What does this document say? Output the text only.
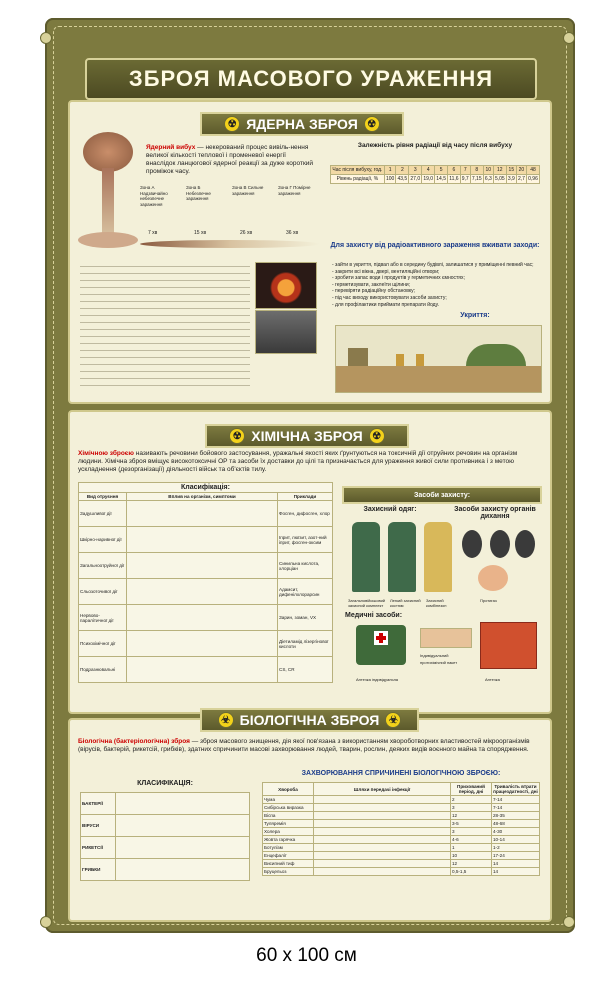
ЗБРОЯ МАСОВОГО УРАЖЕННЯ
☢ ЯДЕРНА ЗБРОЯ ☢
Ядерний вибух — некерований процес вивіль-нення великої кількості теплової і променевої енергії внаслідок ланцюгової ядерної реакції за дуже короткий проміжок часу.
Зона А Надзвичайно небезпечне зараження
Зона Б Небезпечне зараження
Зона В Сильне зараження
Зона Г Помірне зараження
7 хв	15 хв	26 хв	36 хв
Залежність рівня радіації від часу після вибуху
Час після вибуху, год.	1	2	3	4	5	6	7	8	10	12	15	20	48
Рівень радіації, %	100	43,5	27,0	19,0	14,5	11,6	9,7	7,15	6,3	5,05	3,9	2,7	0,96
Для захисту від радіоактивного зараження вживати заходи:
- зайти в укриття, підвал або в середину будівлі, залишатися у приміщенні певний час;
- закрити всі вікна, двері, вентиляційні отвори;
- зробити запас води і продуктів у герметичних ємностях;
- герметизувати, заклеїти щілини;
- перевіряти радіаційну обстановку;
- під час виходу використовувати засоби захисту;
- для профілактики приймати препарати йоду.
Укриття:
☢ ХІМІЧНА ЗБРОЯ ☢
Хімічною зброєю називають речовини бойового застосування, уражальні якості яких ґрунтуються на токсичній дії отруйних речовин на організм людини. Хімічна зброя вміщує високотоксичні ОР та засоби їх доставки до цілі та призначається для ураження живої сили противника і з метою ускладнення (дезорганізації) діяльності військ та об'єктів тилу.
Класифікація:		
Вид отруєння	Вплив на організм, симптоми	Приклади
Задушливої дії		Фосген, дифосген, хлор
Шкірно-наривної дії		Іприт, люїзит, азот-ний іприт, фосген-оксим
Загальноотруйної дії		Синильна кислота, хлорціан
Сльозоточивої дії		Адамсит, дифенілхлорарсин
Нервово-паралітичної дії		Зарин, зоман, VX
Психохімічної дії		Діетиламід лізергінової кислоти
Подразнювальні		CS, CR
Засоби захисту:
Захисний одяг:	Засоби захисту органів дихання
Загальновійськовий захисний комплект
Легкий захисний костюм
Захисний комбінезон
Протигаз
Медичні засоби:
Аптечка індивідуальна
Індивідуальний протихімічний пакет
Аптечка
☣ БІОЛОГІЧНА ЗБРОЯ ☣
Біологічна (бактеріологічна) зброя — зброя масового знищення, дія якої пов'язана з використанням хвороботворних властивостей мікроорганізмів (вірусів, бактерій, рикетсій, грибків), здатних спричинити масові захворювання людей, тварин, рослин, деяких видів воєнного майна та спорядження.
КЛАСИФІКАЦІЯ:
БАКТЕРІЇ	
ВІРУСИ	
РИКЕТСІЇ	
ГРИБКИ	
ЗАХВОРЮВАННЯ СПРИЧИНЕНІ БІОЛОГІЧНОЮ ЗБРОЄЮ:
Хвороба	Шляхи передачі інфекції	Прихований період, дні	Тривалість втрати працездатності, дні
Чума		2	7-14
Сибірська виразка		3	7-14
Віспа		12	28-35
Туляремія		3-5	48-68
Холера		3	4-30
Жовта гарячка		4-6	10-14
Ботулізм		1	1-2
Енцефаліт		10	17-24
Висипний тиф		12	14
Бруцельоз		0,5-1,5	14
60 х 100 см
